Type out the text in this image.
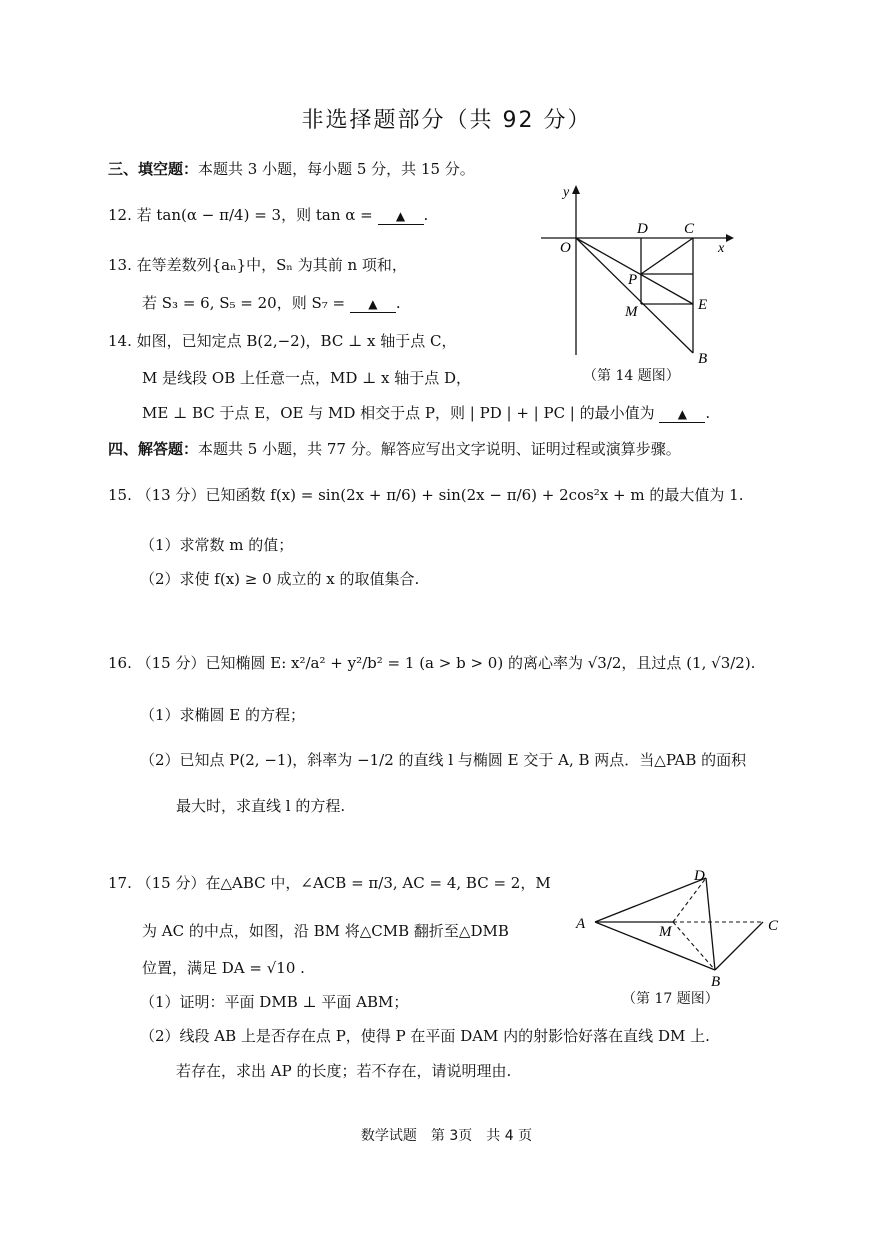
非选择题部分（共 92 分）
三、填空题：本题共 3 小题，每小题 5 分，共 15 分。
12. 若 tan(α − π/4) = 3，则 tan α = ▲ .
13. 在等差数列{aₙ}中，Sₙ 为其前 n 项和，
若 S₃ = 6, S₅ = 20，则 S₇ = ▲ .
14. 如图，已知定点 B(2,−2)，BC ⊥ x 轴于点 C，
M 是线段 OB 上任意一点，MD ⊥ x 轴于点 D，
ME ⊥ BC 于点 E，OE 与 MD 相交于点 P，则 | PD | + | PC | 的最小值为 ▲ .
y
x
O
D C
P
M	E
B
（第 14 题图）
四、解答题：本题共 5 小题，共 77 分。解答应写出文字说明、证明过程或演算步骤。
15. （13 分）已知函数 f(x) = sin(2x + π/6) + sin(2x − π/6) + 2cos²x + m 的最大值为 1.
（1）求常数 m 的值；
（2）求使 f(x) ≥ 0 成立的 x 的取值集合.
16. （15 分）已知椭圆 E: x²/a² + y²/b² = 1 (a > b > 0) 的离心率为 √3/2，且过点 (1, √3/2).
（1）求椭圆 E 的方程；
（2）已知点 P(2, −1)，斜率为 −1/2 的直线 l 与椭圆 E 交于 A, B 两点．当△PAB 的面积
最大时，求直线 l 的方程.
17. （15 分）在△ABC 中，∠ACB = π/3, AC = 4, BC = 2，M
为 AC 的中点，如图，沿 BM 将△CMB 翻折至△DMB
位置，满足 DA = √10 .
（1）证明：平面 DMB ⊥ 平面 ABM；
（2）线段 AB 上是否存在点 P，使得 P 在平面 DAM 内的射影恰好落在直线 DM 上.
若存在，求出 AP 的长度；若不存在，请说明理由.
A
D
C
M
B
（第 17 题图）
数学试题　第 3页　共 4 页
